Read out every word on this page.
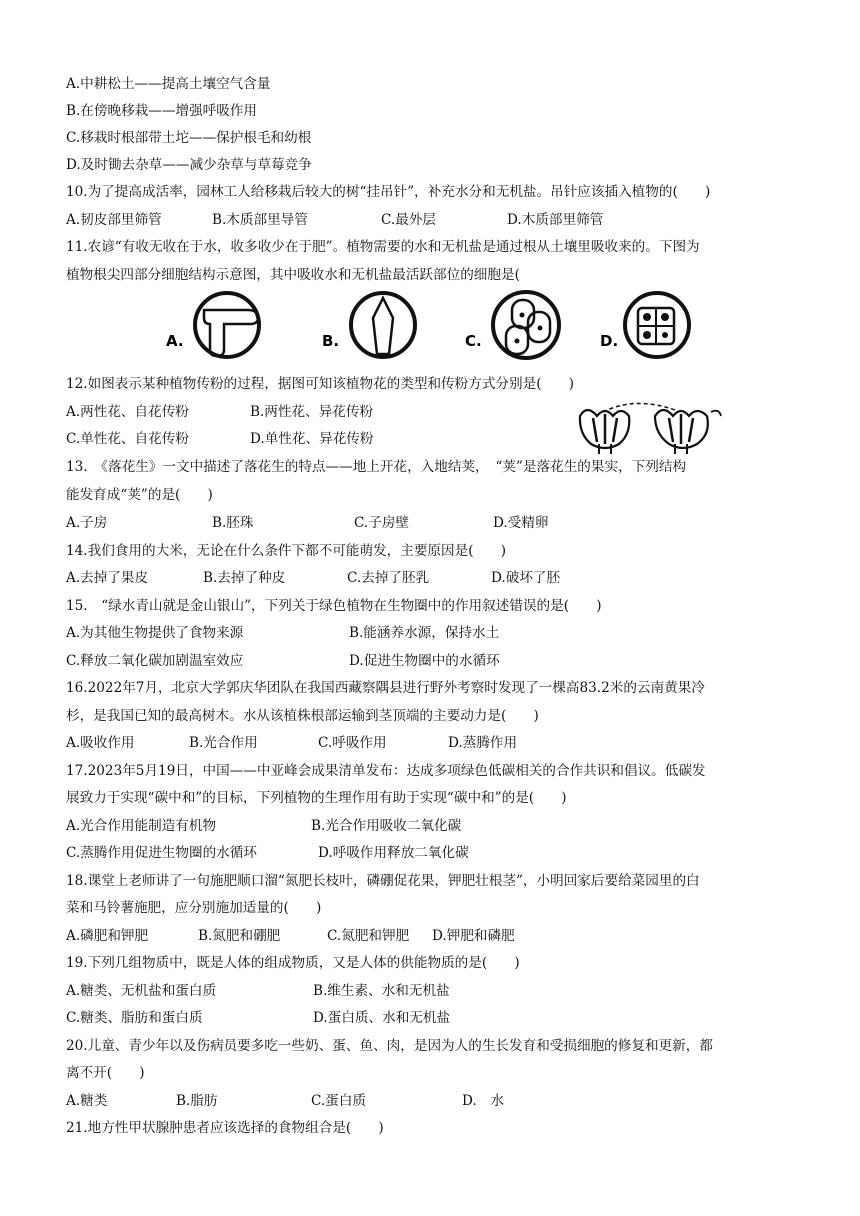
A.中耕松土——提高土壤空气含量
B.在傍晚移栽——增强呼吸作用
C.移栽时根部带土坨——保护根毛和幼根
D.及时锄去杂草——减少杂草与草莓竞争
10.为了提高成活率，园林工人给移栽后较大的树“挂吊针”，补充水分和无机盐。吊针应该插入植物的(　　)
A.韧皮部里筛管	B.木质部里导管	C.最外层	D.木质部里筛管
11.农谚“有收无收在于水，收多收少在于肥”。植物需要的水和无机盐是通过根从土壤里吸收来的。下图为
植物根尖四部分细胞结构示意图，其中吸收水和无机盐最活跃部位的细胞是(
A.	B.	C.	D.
12.如图表示某种植物传粉的过程，据图可知该植物花的类型和传粉方式分别是(　　)
A.两性花、自花传粉	B.两性花、异花传粉
C.单性花、自花传粉	D.单性花、异花传粉
13.　《落花生》一文中描述了落花生的特点——地上开花，入地结荚，　“荚”是落花生的果实，下列结构
能发育成“荚”的是(　　)
A.子房	B.胚珠	C.子房壁	D.受精卵
14.我们食用的大米，无论在什么条件下都不可能萌发，主要原因是(　　)
A.去掉了果皮	B.去掉了种皮	C.去掉了胚乳	D.破坏了胚
15.　“绿水青山就是金山银山”，下列关于绿色植物在生物圈中的作用叙述错误的是(　　)
A.为其他生物提供了食物来源	B.能涵养水源，保持水土
C.释放二氧化碳加剧温室效应	D.促进生物圈中的水循环
16.2022年7月，北京大学郭庆华团队在我国西藏察隅县进行野外考察时发现了一棵高83.2米的云南黄果冷
杉，是我国已知的最高树木。水从该植株根部运输到茎顶端的主要动力是(　　)
A.吸收作用	B.光合作用	C.呼吸作用	D.蒸腾作用
17.2023年5月19日，中国——中亚峰会成果清单发布：达成多项绿色低碳相关的合作共识和倡议。低碳发
展致力于实现“碳中和”的目标，下列植物的生理作用有助于实现“碳中和”的是(　　)
A.光合作用能制造有机物	B.光合作用吸收二氧化碳
C.蒸腾作用促进生物圈的水循环	D.呼吸作用释放二氧化碳
18.课堂上老师讲了一句施肥顺口溜“氮肥长枝叶，磷硼促花果，钾肥壮根茎”，小明回家后要给菜园里的白
菜和马铃薯施肥，应分别施加适量的(　　)
A.磷肥和钾肥	B.氮肥和硼肥	C.氮肥和钾肥 D.钾肥和磷肥
19.下列几组物质中，既是人体的组成物质，又是人体的供能物质的是(　　)
A.糖类、无机盐和蛋白质	B.维生素、水和无机盐
C.糖类、脂肪和蛋白质	D.蛋白质、水和无机盐
20.儿童、青少年以及伤病员要多吃一些奶、蛋、鱼、肉，是因为人的生长发育和受损细胞的修复和更新，都
离不开(　　)
A.糖类	B.脂肪	C.蛋白质	D.　水
21.地方性甲状腺肿患者应该选择的食物组合是(　　)
